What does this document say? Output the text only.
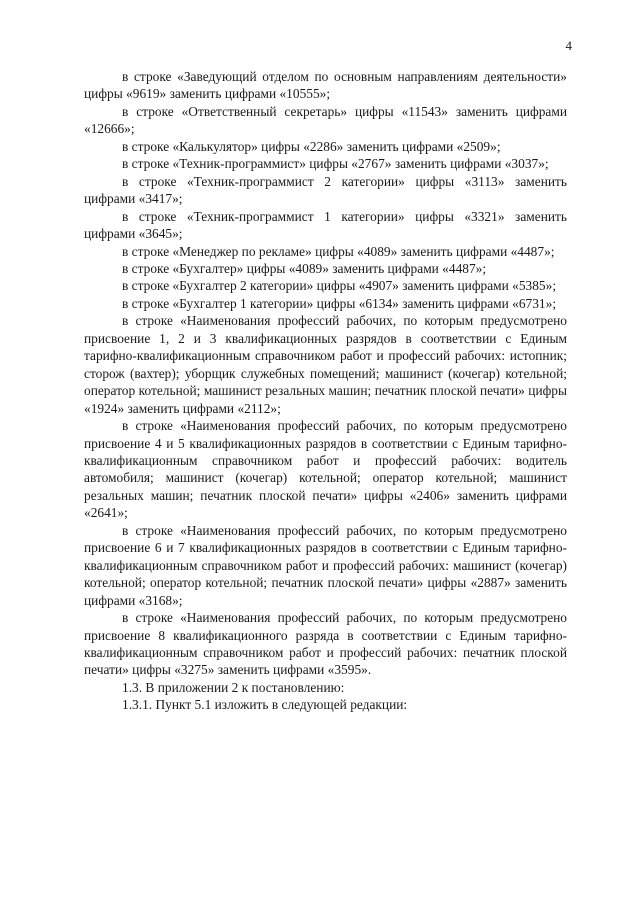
4

в строке «Заведующий отделом по основным направлениям деятельности» цифры «9619» заменить цифрами «10555»;

в строке «Ответственный секретарь» цифры «11543» заменить цифрами «12666»;

в строке «Калькулятор» цифры «2286» заменить цифрами «2509»;

в строке «Техник-программист» цифры «2767» заменить цифрами «3037»;

в строке «Техник-программист 2 категории» цифры «3113» заменить цифрами «3417»;

в строке «Техник-программист 1 категории» цифры «3321» заменить цифрами «3645»;

в строке «Менеджер по рекламе» цифры «4089» заменить цифрами «4487»;

в строке «Бухгалтер» цифры «4089» заменить цифрами «4487»;

в строке «Бухгалтер 2 категории» цифры «4907» заменить цифрами «5385»;

в строке «Бухгалтер 1 категории» цифры «6134» заменить цифрами «6731»;

в строке «Наименования профессий рабочих, по которым предусмотрено присвоение 1, 2 и 3 квалификационных разрядов в соответствии с Единым тарифно-квалификационным справочником работ и профессий рабочих: истопник; сторож (вахтер); уборщик служебных помещений; машинист (кочегар) котельной; оператор котельной; машинист резальных машин; печатник плоской печати» цифры «1924» заменить цифрами «2112»;

в строке «Наименования профессий рабочих, по которым предусмотрено присвоение 4 и 5 квалификационных разрядов в соответствии с Единым тарифно-квалификационным справочником работ и профессий рабочих: водитель автомобиля; машинист (кочегар) котельной; оператор котельной; машинист резальных машин; печатник плоской печати» цифры «2406» заменить цифрами «2641»;

в строке «Наименования профессий рабочих, по которым предусмотрено присвоение 6 и 7 квалификационных разрядов в соответствии с Единым тарифно-квалификационным справочником работ и профессий рабочих: машинист (кочегар) котельной; оператор котельной; печатник плоской печати» цифры «2887» заменить цифрами «3168»;

в строке «Наименования профессий рабочих, по которым предусмотрено присвоение 8 квалификационного разряда в соответствии с Единым тарифно-квалификационным справочником работ и профессий рабочих: печатник плоской печати» цифры «3275» заменить цифрами «3595».

1.3. В приложении 2 к постановлению:

1.3.1. Пункт 5.1 изложить в следующей редакции:
